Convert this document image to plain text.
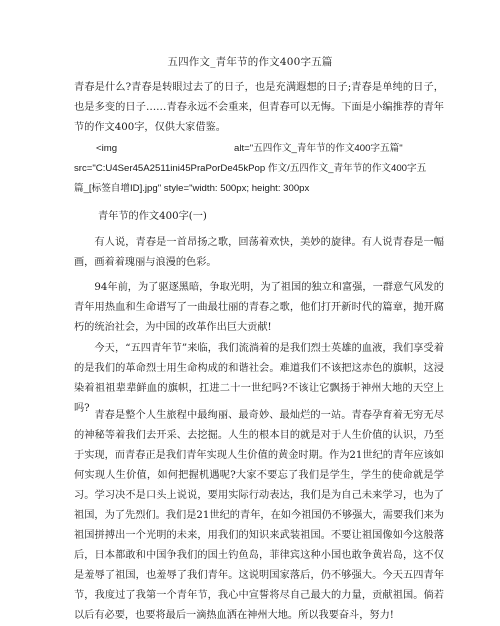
五四作文_青年节的作文400字五篇

青春是什么?青春是转眼过去了的日子，也是充满遐想的日子;青春是单纯的日子，也是多变的日子……青春永远不会重来，但青春可以无悔。下面是小编推荐的青年节的作文400字，仅供大家借鉴。

<img	alt="五四作文_青年节的作文400字五篇"
src="C:U4Ser45A2511ini45PraPorDe45kPop 作文/五四作文_青年节的作文400字五篇_[标签自增ID].jpg" style="width: 500px; height: 300px
青年节的作文400字(一)

有人说，青春是一首昂扬之歌，回荡着欢快，美妙的旋律。有人说青春是一幅画，画着着瑰丽与浪漫的色彩。

94年前，为了驱逐黑暗，争取光明，为了祖国的独立和富强，一群意气风发的青年用热血和生命谱写了一曲最壮丽的青春之歌，他们打开新时代的篇章，抛开腐朽的统治社会，为中国的改革作出巨大贡献!

今天，“五四青年节”来临，我们流淌着的是我们烈士英雄的血液，我们享受着的是我们的革命烈士用生命构成的和谐社会。难道我们不该把这赤色的旗帜，这浸染着祖祖辈辈鲜血的旗帜，扛进二十一世纪吗?不该让它飘扬于神州大地的天空上吗?

青春是整个人生旅程中最绚丽、最奇妙、最灿烂的一站。青春孕育着无穷无尽的神秘等着我们去开采、去挖掘。人生的根本目的就是对于人生价值的认识，乃至于实现，而青春正是我们青年实现人生价值的黄金时期。作为21世纪的青年应该如何实现人生价值，如何把握机遇呢?大家不要忘了我们是学生，学生的使命就是学习。学习决不是口头上说说，要用实际行动表达，我们是为自己未来学习，也为了祖国，为了先烈们。我们是21世纪的青年，在如今祖国仍不够强大，需要我们来为祖国拼搏出一个光明的未来，用我们的知识来武装祖国。不要让祖国像如今这般落后，日本都敢和中国争我们的国土钓鱼岛，菲律宾这种小国也敢争黄岩岛，这不仅是羞辱了祖国，也羞辱了我们青年。这说明国家落后，仍不够强大。今天五四青年节，我度过了我第一个青年节，我心中宣誓将尽自己最大的力量，贡献祖国。倘若以后有必要，也要将最后一滴热血洒在神州大地。所以我要奋斗，努力!
